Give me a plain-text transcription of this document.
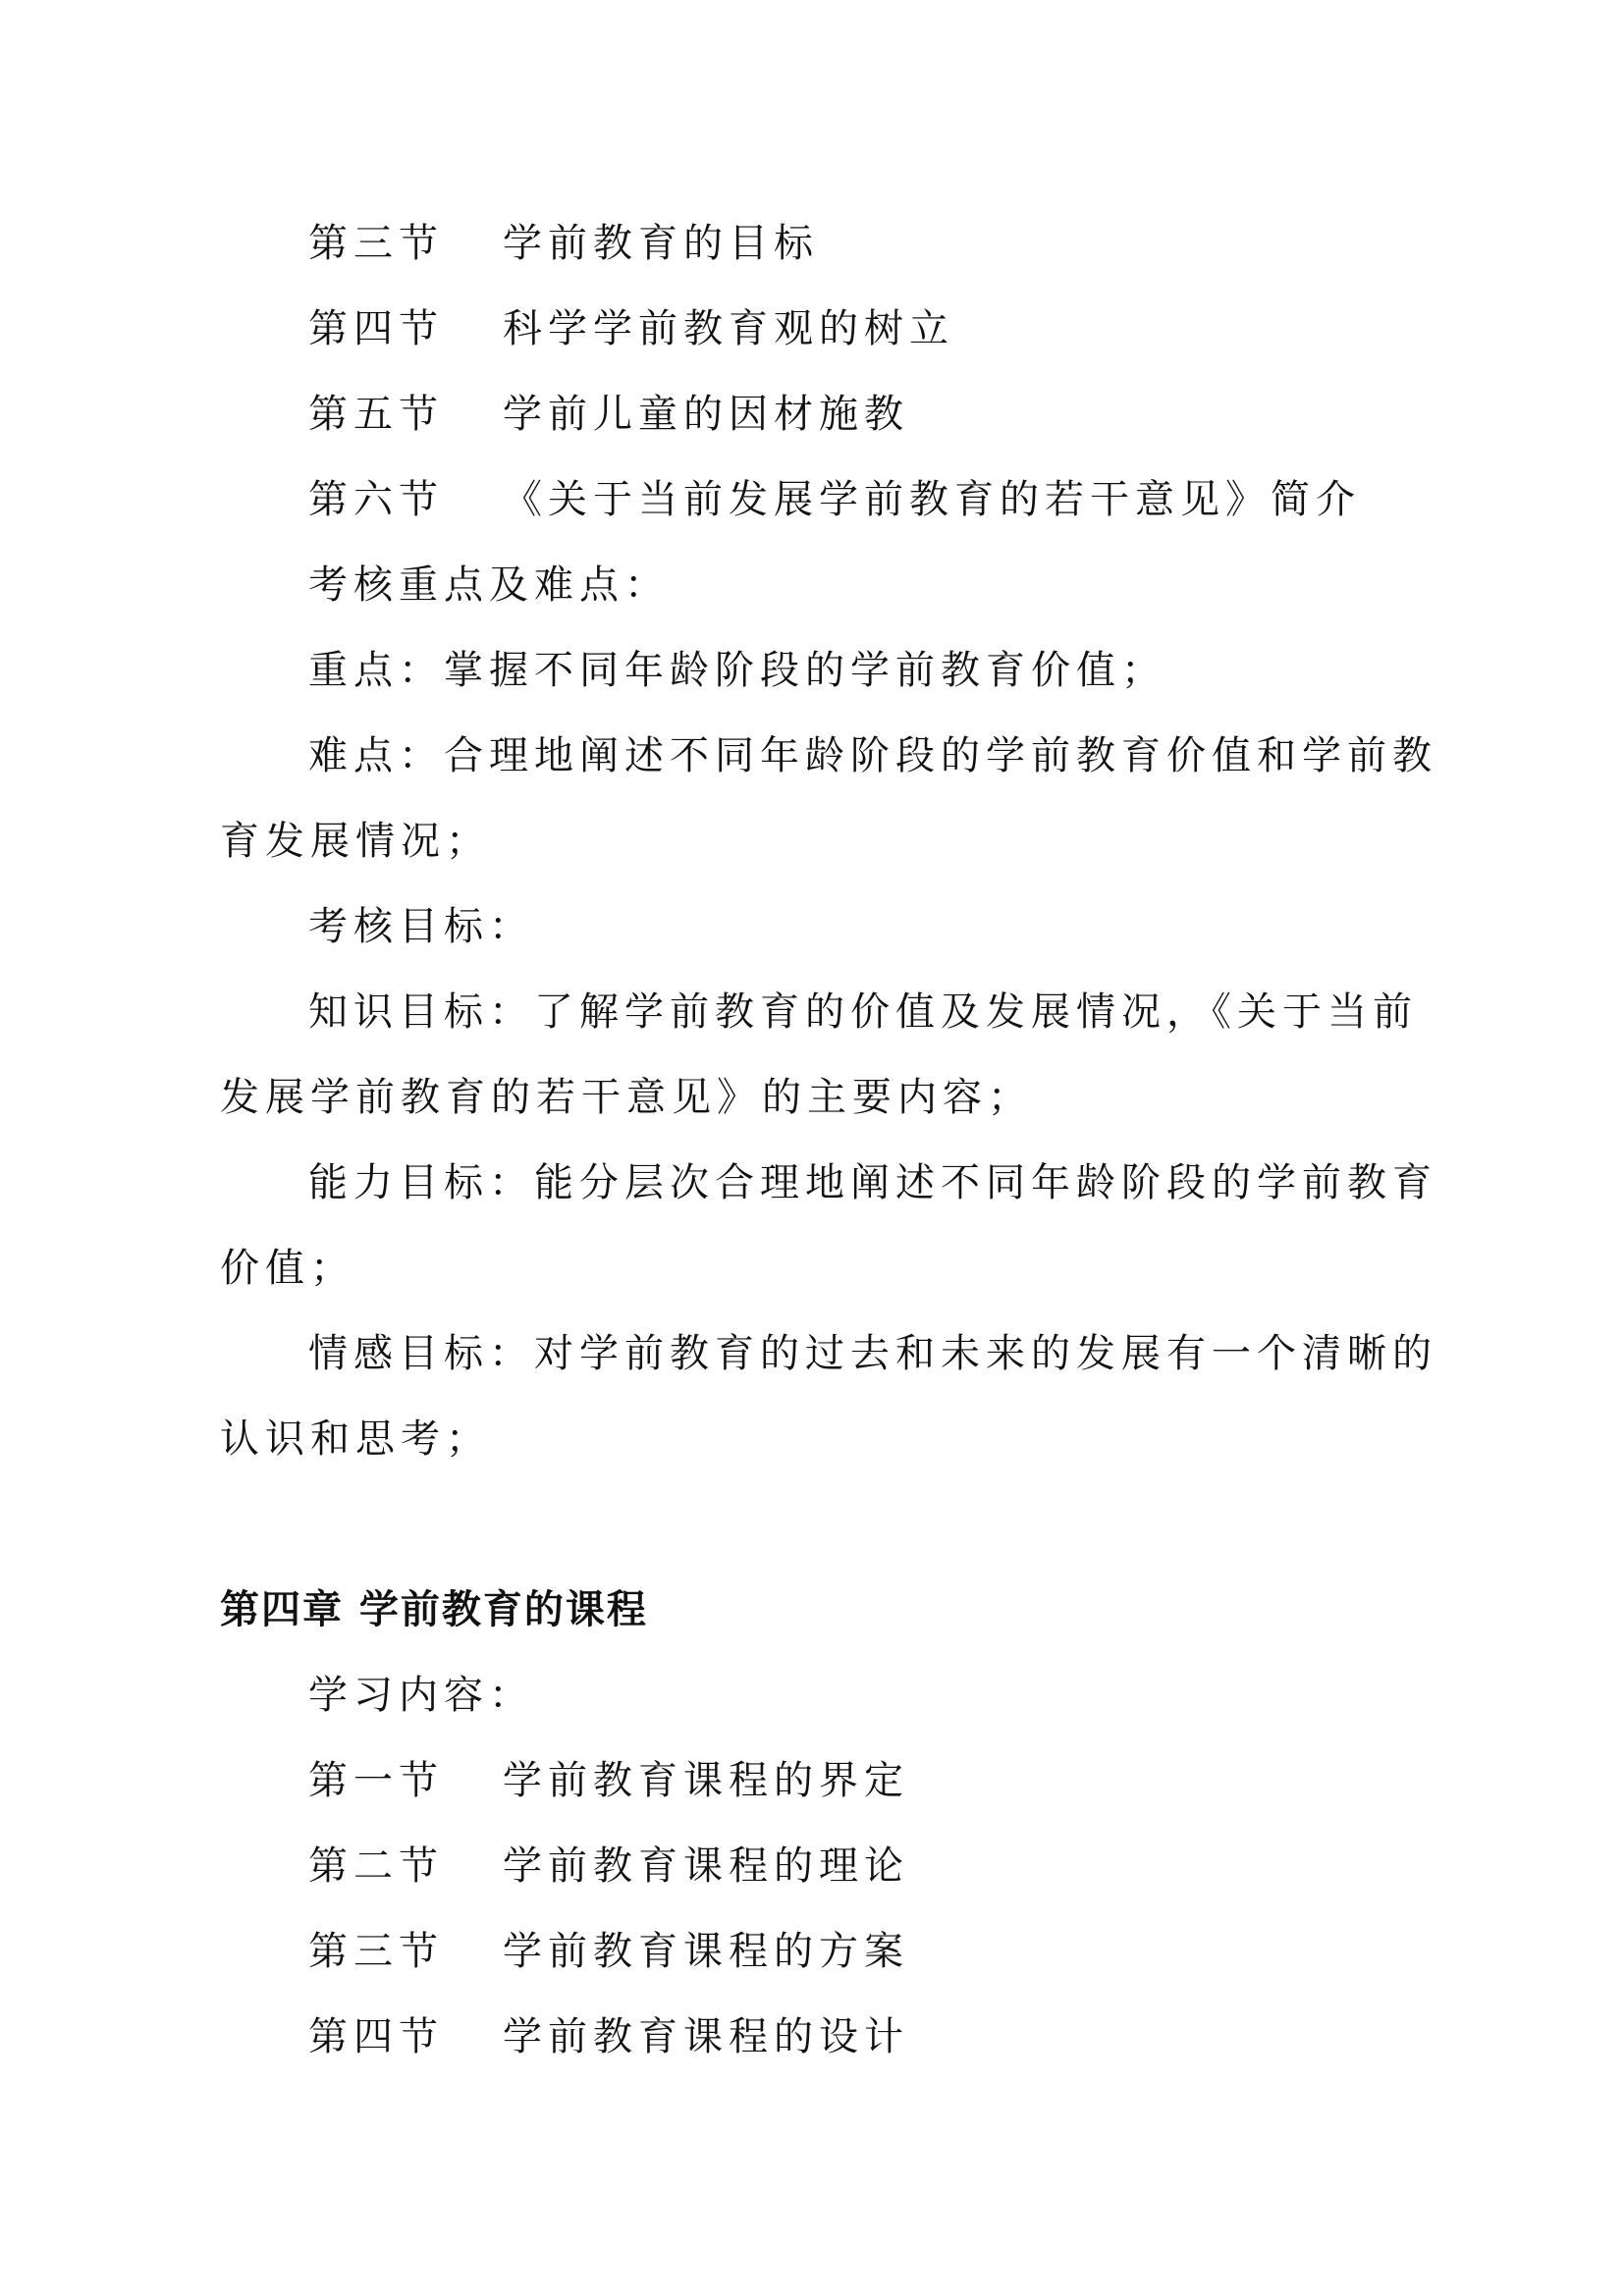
第三节 学前教育的目标
第四节 科学学前教育观的树立
第五节 学前儿童的因材施教
第六节 《关于当前发展学前教育的若干意见》简介
考核重点及难点：
重点：掌握不同年龄阶段的学前教育价值；
难点：合理地阐述不同年龄阶段的学前教育价值和学前教
育发展情况；
考核目标：
知识目标：了解学前教育的价值及发展情况，《关于当前
发展学前教育的若干意见》的主要内容；
能力目标：能分层次合理地阐述不同年龄阶段的学前教育
价值；
情感目标：对学前教育的过去和未来的发展有一个清晰的
认识和思考；
第四章 学前教育的课程
学习内容：
第一节 学前教育课程的界定
第二节 学前教育课程的理论
第三节 学前教育课程的方案
第四节 学前教育课程的设计
